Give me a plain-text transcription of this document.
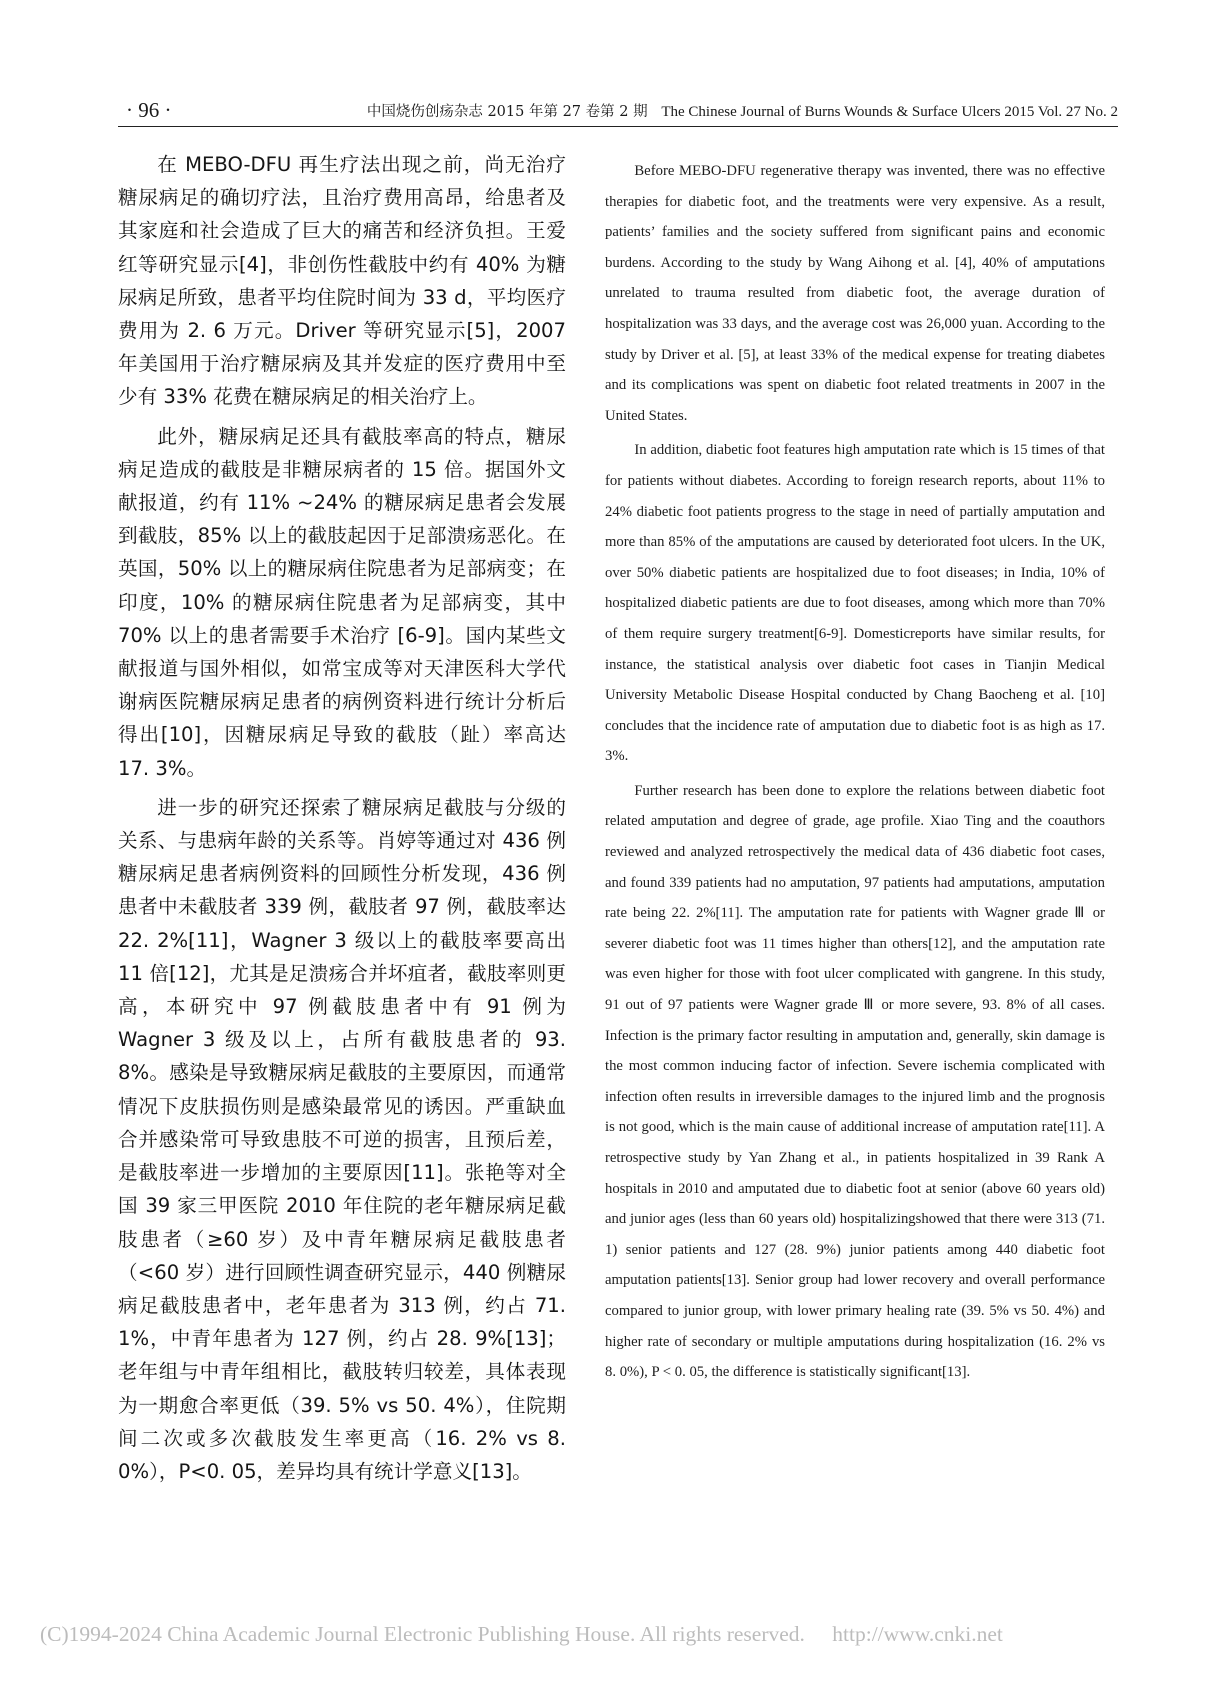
· 96 ·	中国烧伤创疡杂志 2015 年第 27 卷第 2 期 The Chinese Journal of Burns Wounds & Surface Ulcers 2015 Vol. 27 No. 2

在 MEBO-DFU 再生疗法出现之前，尚无治疗糖尿病足的确切疗法，且治疗费用高昂，给患者及其家庭和社会造成了巨大的痛苦和经济负担。王爱红等研究显示[4]，非创伤性截肢中约有 40% 为糖尿病足所致，患者平均住院时间为 33 d，平均医疗费用为 2. 6 万元。Driver 等研究显示[5]，2007 年美国用于治疗糖尿病及其并发症的医疗费用中至少有 33% 花费在糖尿病足的相关治疗上。

此外，糖尿病足还具有截肢率高的特点，糖尿病足造成的截肢是非糖尿病者的 15 倍。据国外文献报道，约有 11% ~24% 的糖尿病足患者会发展到截肢，85% 以上的截肢起因于足部溃疡恶化。在英国，50% 以上的糖尿病住院患者为足部病变；在印度，10% 的糖尿病住院患者为足部病变，其中 70% 以上的患者需要手术治疗 [6-9]。国内某些文献报道与国外相似，如常宝成等对天津医科大学代谢病医院糖尿病足患者的病例资料进行统计分析后得出[10]，因糖尿病足导致的截肢（趾）率高达 17. 3%。

进一步的研究还探索了糖尿病足截肢与分级的关系、与患病年龄的关系等。肖婷等通过对 436 例糖尿病足患者病例资料的回顾性分析发现，436 例患者中未截肢者 339 例，截肢者 97 例，截肢率达 22. 2%[11]，Wagner 3 级以上的截肢率要高出 11 倍[12]，尤其是足溃疡合并坏疽者，截肢率则更高，本研究中 97 例截肢患者中有 91 例为 Wagner 3 级及以上，占所有截肢患者的 93. 8%。感染是导致糖尿病足截肢的主要原因，而通常情况下皮肤损伤则是感染最常见的诱因。严重缺血合并感染常可导致患肢不可逆的损害，且预后差，是截肢率进一步增加的主要原因[11]。张艳等对全国 39 家三甲医院 2010 年住院的老年糖尿病足截肢患者（≥60 岁）及中青年糖尿病足截肢患者（<60 岁）进行回顾性调查研究显示，440 例糖尿病足截肢患者中，老年患者为 313 例，约占 71. 1%，中青年患者为 127 例，约占 28. 9%[13]；老年组与中青年组相比，截肢转归较差，具体表现为一期愈合率更低（39. 5% vs 50. 4%），住院期间二次或多次截肢发生率更高（16. 2% vs 8. 0%），P<0. 05，差异均具有统计学意义[13]。

Before MEBO-DFU regenerative therapy was invented, there was no effective therapies for diabetic foot, and the treatments were very expensive. As a result, patients’ families and the society suffered from significant pains and economic burdens. According to the study by Wang Aihong et al. [4], 40% of amputations unrelated to trauma resulted from diabetic foot, the average duration of hospitalization was 33 days, and the average cost was 26,000 yuan. According to the study by Driver et al. [5], at least 33% of the medical expense for treating diabetes and its complications was spent on diabetic foot related treatments in 2007 in the United States.

In addition, diabetic foot features high amputation rate which is 15 times of that for patients without diabetes. According to foreign research reports, about 11% to 24% diabetic foot patients progress to the stage in need of partially amputation and more than 85% of the amputations are caused by deteriorated foot ulcers. In the UK, over 50% diabetic patients are hospitalized due to foot diseases; in India, 10% of hospitalized diabetic patients are due to foot diseases, among which more than 70% of them require surgery treatment[6-9]. Domesticreports have similar results, for instance, the statistical analysis over diabetic foot cases in Tianjin Medical University Metabolic Disease Hospital conducted by Chang Baocheng et al. [10] concludes that the incidence rate of amputation due to diabetic foot is as high as 17. 3%.

Further research has been done to explore the relations between diabetic foot related amputation and degree of grade, age profile. Xiao Ting and the coauthors reviewed and analyzed retrospectively the medical data of 436 diabetic foot cases, and found 339 patients had no amputation, 97 patients had amputations, amputation rate being 22. 2%[11]. The amputation rate for patients with Wagner grade Ⅲ or severer diabetic foot was 11 times higher than others[12], and the amputation rate was even higher for those with foot ulcer complicated with gangrene. In this study, 91 out of 97 patients were Wagner grade Ⅲ or more severe, 93. 8% of all cases. Infection is the primary factor resulting in amputation and, generally, skin damage is the most common inducing factor of infection. Severe ischemia complicated with infection often results in irreversible damages to the injured limb and the prognosis is not good, which is the main cause of additional increase of amputation rate[11]. A retrospective study by Yan Zhang et al., in patients hospitalized in 39 Rank A hospitals in 2010 and amputated due to diabetic foot at senior (above 60 years old) and junior ages (less than 60 years old) hospitalizingshowed that there were 313 (71. 1) senior patients and 127 (28. 9%) junior patients among 440 diabetic foot amputation patients[13]. Senior group had lower recovery and overall performance compared to junior group, with lower primary healing rate (39. 5% vs 50. 4%) and higher rate of secondary or multiple amputations during hospitalization (16. 2% vs 8. 0%), P < 0. 05, the difference is statistically significant[13].

(C)1994-2024 China Academic Journal Electronic Publishing House. All rights reserved. http://www.cnki.net
